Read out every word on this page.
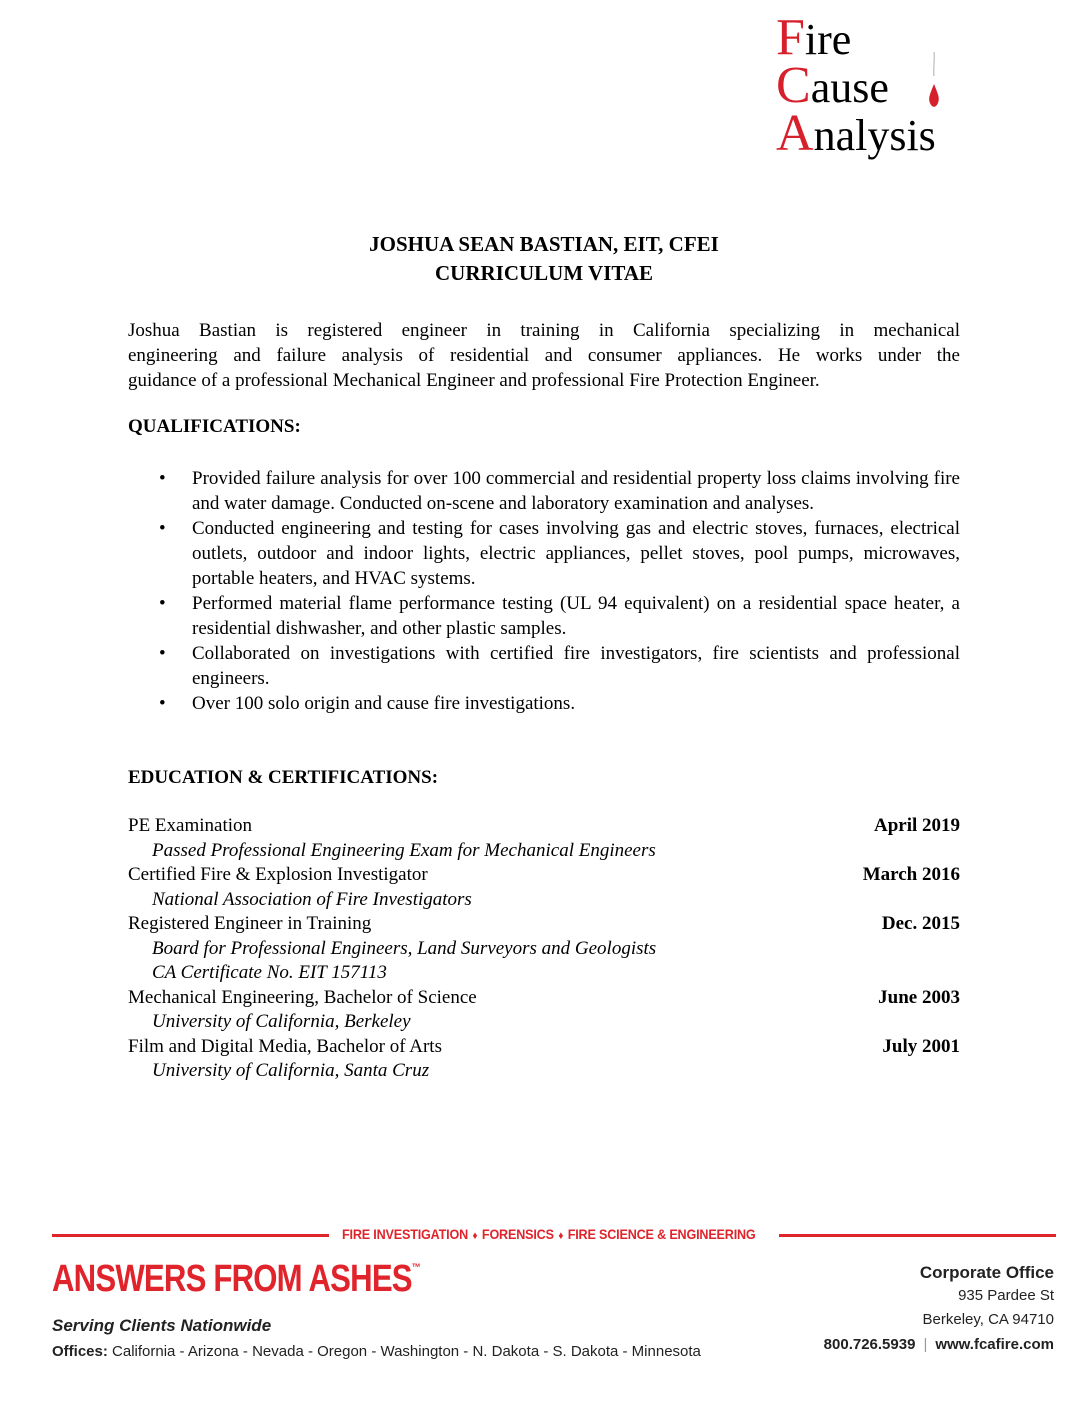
Fire
Cause
Analysis
JOSHUA SEAN BASTIAN, EIT, CFEI
CURRICULUM VITAE
Joshua Bastian is registered engineer in training in California specializing in mechanical
engineering and failure analysis of residential and consumer appliances. He works under the
guidance of a professional Mechanical Engineer and professional Fire Protection Engineer.
QUALIFICATIONS:
• Provided failure analysis for over 100 commercial and residential property loss claims involving fire and water damage. Conducted on-scene and laboratory examination and analyses.
• Conducted engineering and testing for cases involving gas and electric stoves, furnaces, electrical outlets, outdoor and indoor lights, electric appliances, pellet stoves, pool pumps, microwaves, portable heaters, and HVAC systems.
• Performed material flame performance testing (UL 94 equivalent) on a residential space heater, a residential dishwasher, and other plastic samples.
• Collaborated on investigations with certified fire investigators, fire scientists and professional engineers.
• Over 100 solo origin and cause fire investigations.
EDUCATION & CERTIFICATIONS:
PE Examination	April 2019
Passed Professional Engineering Exam for Mechanical Engineers
Certified Fire & Explosion Investigator	March 2016
National Association of Fire Investigators
Registered Engineer in Training	Dec. 2015
Board for Professional Engineers, Land Surveyors and Geologists
CA Certificate No. EIT 157113
Mechanical Engineering, Bachelor of Science	June 2003
University of California, Berkeley
Film and Digital Media, Bachelor of Arts	July 2001
University of California, Santa Cruz
FIRE INVESTIGATION ♦ FORENSICS ♦ FIRE SCIENCE & ENGINEERING
ANSWERS FROM ASHES™
Serving Clients Nationwide
Offices: California - Arizona - Nevada - Oregon - Washington - N. Dakota - S. Dakota - Minnesota
Corporate Office
935 Pardee St
Berkeley, CA 94710
800.726.5939 | www.fcafire.com
